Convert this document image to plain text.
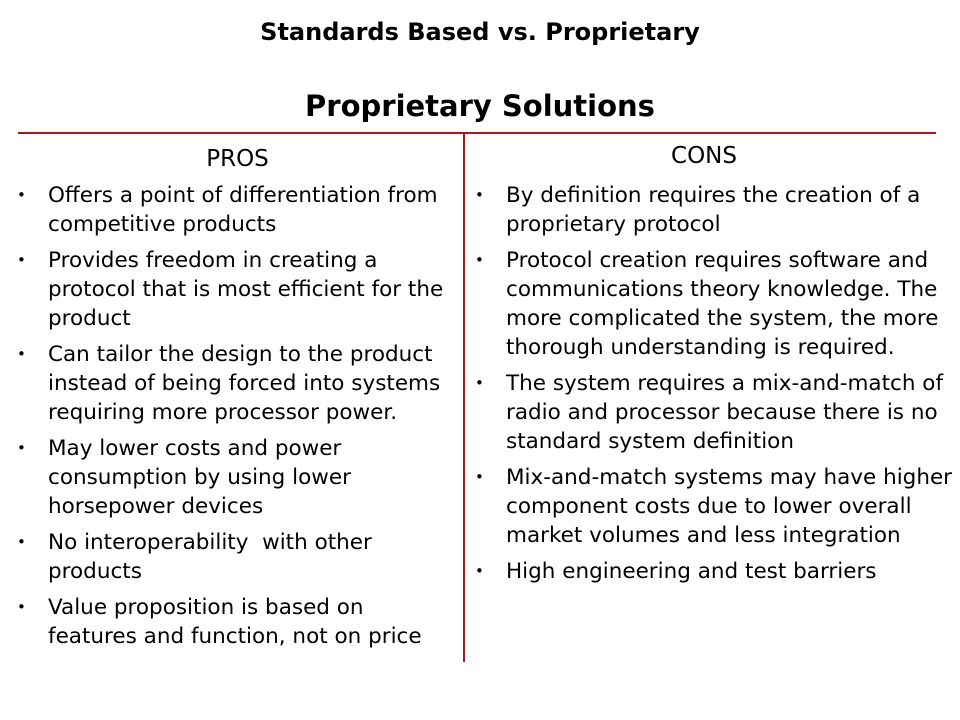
Standards Based vs. Proprietary
Proprietary Solutions
PROS
• Offers a point of differentiation from competitive products
• Provides freedom in creating a protocol that is most efficient for the product
• Can tailor the design to the product instead of being forced into systems requiring more processor power.
• May lower costs and power consumption by using lower horsepower devices
• No interoperability  with other products
• Value proposition is based on features and function, not on price
CONS
• By definition requires the creation of a proprietary protocol
• Protocol creation requires software and communications theory knowledge. The more complicated the system, the more thorough understanding is required.
• The system requires a mix-and-match of radio and processor because there is no standard system definition
• Mix-and-match systems may have higher component costs due to lower overall market volumes and less integration
• High engineering and test barriers
